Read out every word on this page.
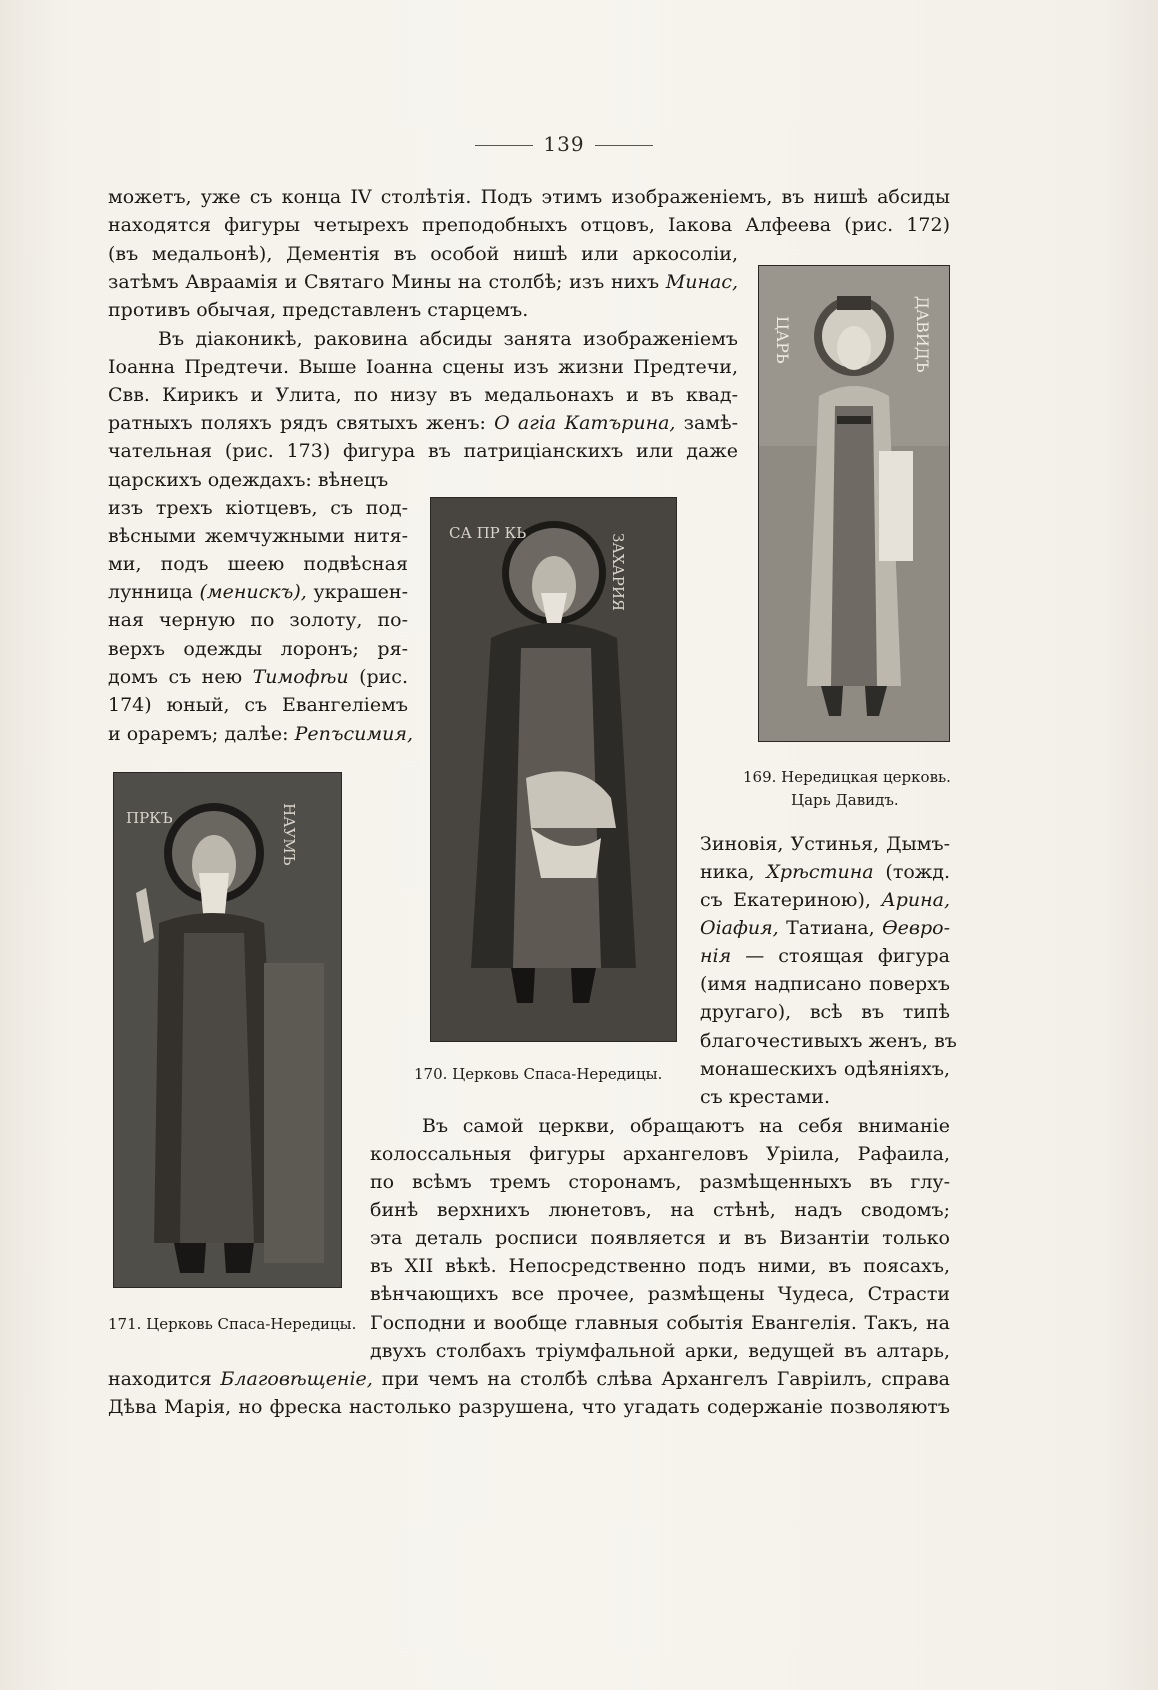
139

можетъ, уже съ конца IV столѣтія. Подъ этимъ изображеніемъ, въ нишѣ абсиды

находятся фигуры четырехъ преподобныхъ отцовъ, Іакова Алфеева (рис. 172)

(въ медальонѣ), Дементія въ особой нишѣ или аркосоліи,

затѣмъ Авраамія и Святаго Мины на столбѣ; изъ нихъ Минас,

противъ обычая, представленъ старцемъ.

Въ діаконикѣ, раковина абсиды занята изображеніемъ

Іоанна Предтечи. Выше Іоанна сцены изъ жизни Предтечи,

Свв. Кирикъ и Улита, по низу въ медальонахъ и въ квад-

ратныхъ поляхъ рядъ святыхъ женъ: О агіа Катърина, замѣ-

чательная (рис. 173) фигура въ патриціанскихъ или даже

царскихъ одеждахъ: вѣнецъ

изъ трехъ кіотцевъ, съ под-

вѣсными жемчужными нитя-

ми, подъ шеею подвѣсная

лунница (менискъ), украшен-

ная черную по золоту, по-

верхъ одежды лоронъ; ря-

домъ съ нею Тимофѣи (рис.

174) юный, съ Евангеліемъ

и орарeмъ; далѣе: Репъсимия,

Зиновія, Устинья, Дымъ-

ника, Хрѣстина (тожд.

съ Екатериною), Арина,

Оіафия, Татиана, Өевро-

нія — стоящая фигура

(имя надписано поверхъ

другаго), всѣ въ типѣ

благочестивыхъ женъ, въ

монашескихъ одѣяніяхъ,

съ крестами.

Въ самой церкви, обращаютъ на себя вниманіе

колоссальныя фигуры архангеловъ Уріила, Рафаила,

по всѣмъ тремъ сторонамъ, размѣщенныхъ въ глу-

бинѣ верхнихъ люнетовъ, на стѣнѣ, надъ сводомъ;

эта деталь росписи появляется и въ Византіи только

въ XII вѣкѣ. Непосредственно подъ ними, въ поясахъ,

вѣнчающихъ все прочее, размѣщены Чудеса, Страсти

Господни и вообще главныя событія Евангелія. Такъ, на

двухъ столбахъ тріумфальной арки, ведущей въ алтарь,

находится Благовѣщеніе, при чемъ на столбѣ слѣва Архангелъ Гавріилъ, справа

Дѣва Марія, но фреска настолько разрушена, что угадать содержаніе позволяютъ

ЦАРЬ	ДАВИДЪ
169. Нередицкая церковь.
Царь Давидъ.
СА ПР КЬ	ЗАХАРИЯ
170. Церковь Спаса-Нередицы.
ПРКЪ	НАУМЪ
171. Церковь Спаса-Нередицы.
